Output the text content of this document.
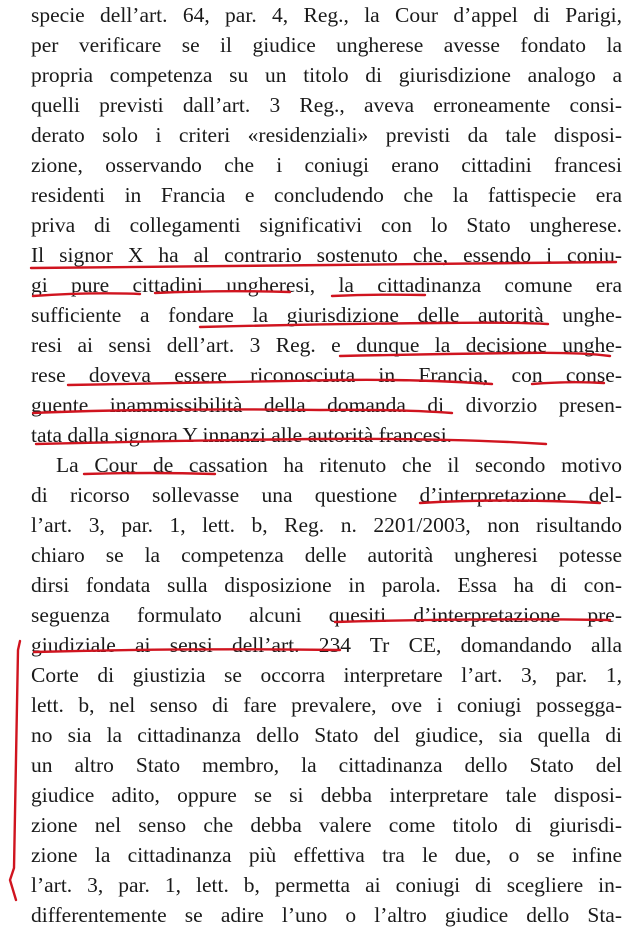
specie dell’art. 64, par. 4, Reg., la Cour d’appel di Parigi,
per verificare se il giudice ungherese avesse fondato la
propria competenza su un titolo di giurisdizione analogo a
quelli previsti dall’art. 3 Reg., aveva erroneamente consi-
derato solo i criteri «residenziali» previsti da tale disposi-
zione, osservando che i coniugi erano cittadini francesi
residenti in Francia e concludendo che la fattispecie era
priva di collegamenti significativi con lo Stato ungherese.
Il signor X ha al contrario sostenuto che, essendo i coniu-
gi pure cittadini ungheresi, la cittadinanza comune era
sufficiente a fondare la giurisdizione delle autorità unghe-
resi ai sensi dell’art. 3 Reg. e dunque la decisione unghe-
rese doveva essere riconosciuta in Francia, con conse-
guente inammissibilità della domanda di divorzio presen-
tata dalla signora Y innanzi alle autorità francesi.
La Cour de cassation ha ritenuto che il secondo motivo
di ricorso sollevasse una questione d’interpretazione del-
l’art. 3, par. 1, lett. b, Reg. n. 2201/2003, non risultando
chiaro se la competenza delle autorità ungheresi potesse
dirsi fondata sulla disposizione in parola. Essa ha di con-
seguenza formulato alcuni quesiti d’interpretazione pre-
giudiziale ai sensi dell’art. 234 Tr CE, domandando alla
Corte di giustizia se occorra interpretare l’art. 3, par. 1,
lett. b, nel senso di fare prevalere, ove i coniugi possegga-
no sia la cittadinanza dello Stato del giudice, sia quella di
un altro Stato membro, la cittadinanza dello Stato del
giudice adito, oppure se si debba interpretare tale disposi-
zione nel senso che debba valere come titolo di giurisdi-
zione la cittadinanza più effettiva tra le due, o se infine
l’art. 3, par. 1, lett. b, permetta ai coniugi di scegliere in-
differentemente se adire l’uno o l’altro giudice dello Sta-
